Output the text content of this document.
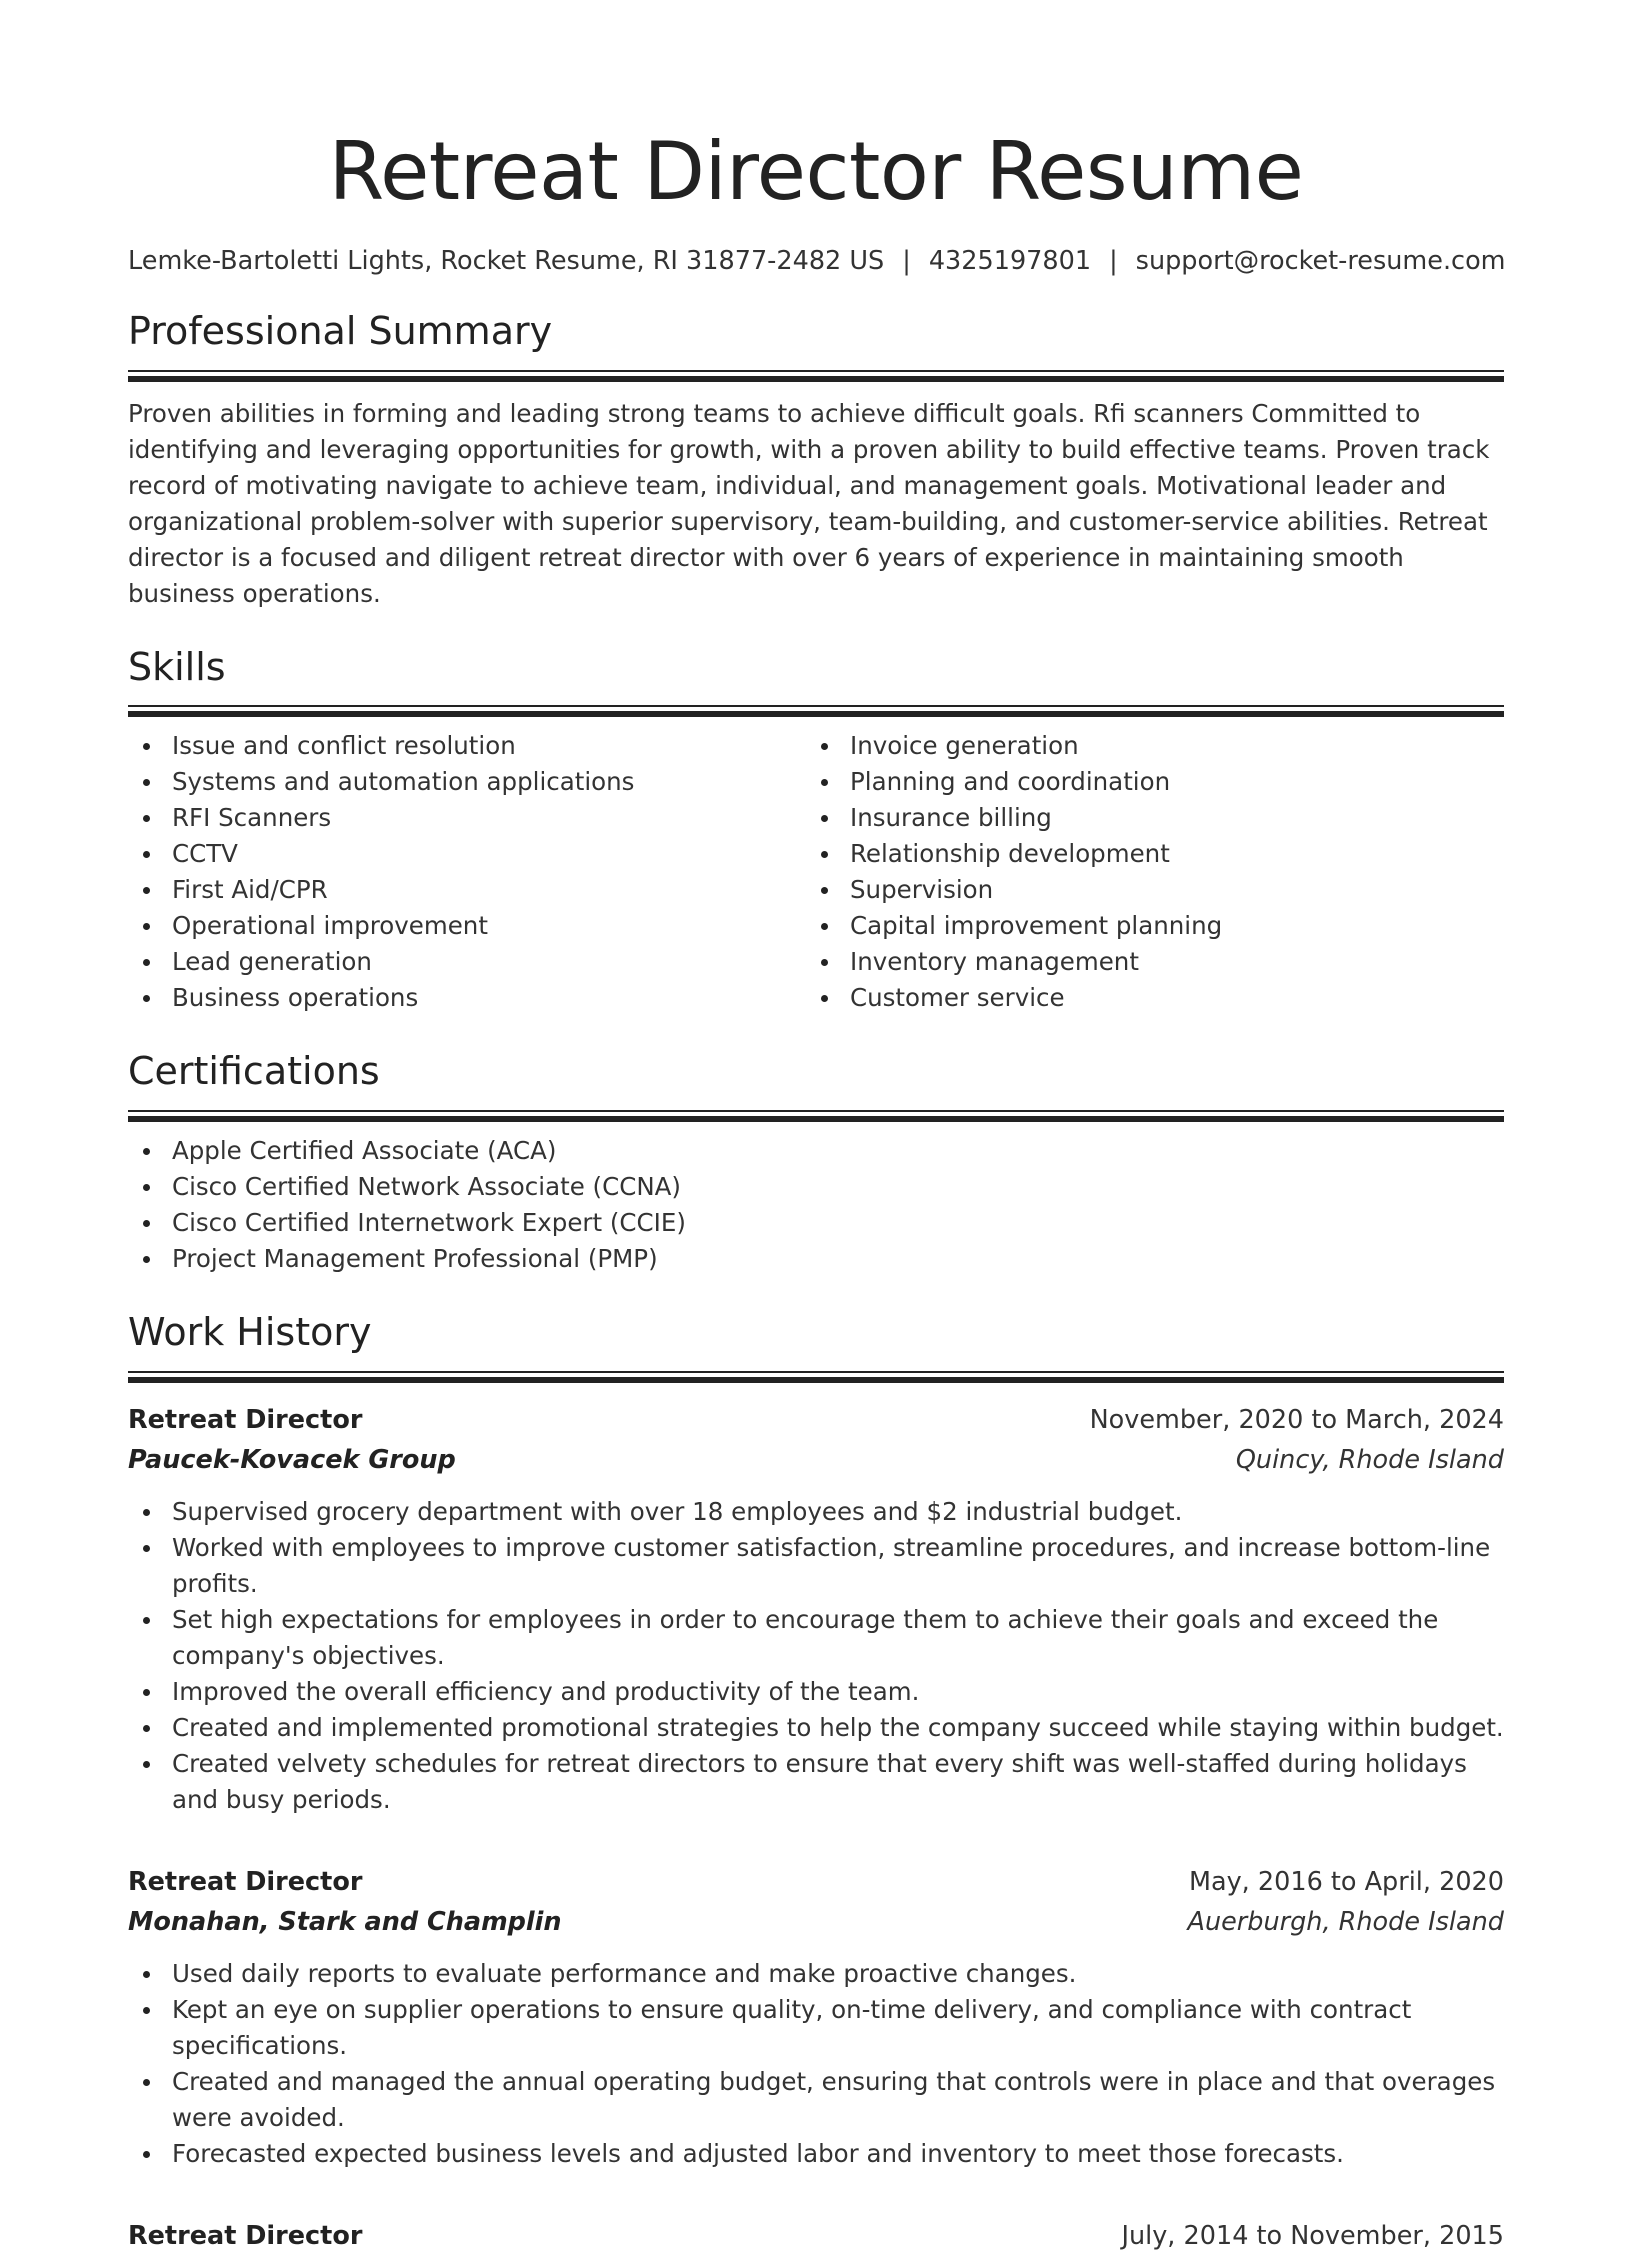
Retreat Director Resume
Lemke-Bartoletti Lights, Rocket Resume, RI 31877-2482 US | 4325197801 | support@rocket-resume.com
Professional Summary

Proven abilities in forming and leading strong teams to achieve difficult goals. Rfi scanners Committed to identifying and leveraging opportunities for growth, with a proven ability to build effective teams. Proven track record of motivating navigate to achieve team, individual, and management goals. Motivational leader and organizational problem-solver with superior supervisory, team-building, and customer-service abilities. Retreat director is a focused and diligent retreat director with over 6 years of experience in maintaining smooth business operations.

Skills
Issue and conflict resolution
Systems and automation applications
RFI Scanners
CCTV
First Aid/CPR
Operational improvement
Lead generation
Business operations
Invoice generation
Planning and coordination
Insurance billing
Relationship development
Supervision
Capital improvement planning
Inventory management
Customer service
Certifications
Apple Certified Associate (ACA)
Cisco Certified Network Associate (CCNA)
Cisco Certified Internetwork Expert (CCIE)
Project Management Professional (PMP)
Work History
Retreat Director	November, 2020 to March, 2024
Paucek-Kovacek Group	Quincy, Rhode Island
Supervised grocery department with over 18 employees and $2 industrial budget.
Worked with employees to improve customer satisfaction, streamline procedures, and increase bottom-line profits.
Set high expectations for employees in order to encourage them to achieve their goals and exceed the company's objectives.
Improved the overall efficiency and productivity of the team.
Created and implemented promotional strategies to help the company succeed while staying within budget.
Created velvety schedules for retreat directors to ensure that every shift was well-staffed during holidays and busy periods.
Retreat Director	May, 2016 to April, 2020
Monahan, Stark and Champlin	Auerburgh, Rhode Island
Used daily reports to evaluate performance and make proactive changes.
Kept an eye on supplier operations to ensure quality, on-time delivery, and compliance with contract specifications.
Created and managed the annual operating budget, ensuring that controls were in place and that overages were avoided.
Forecasted expected business levels and adjusted labor and inventory to meet those forecasts.
Retreat Director	July, 2014 to November, 2015
